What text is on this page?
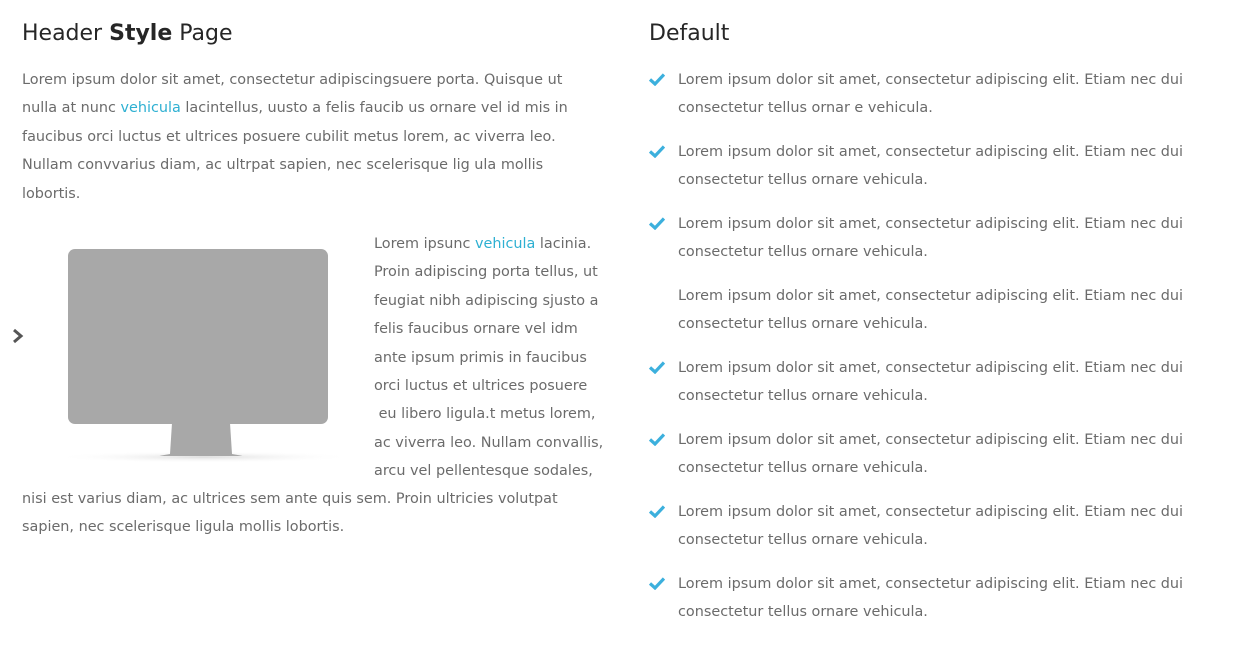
Header Style Page

Lorem ipsum dolor sit amet, consectetur adipiscingsuere porta. Quisque ut
nulla at nunc vehicula lacintellus, uusto a felis faucib us ornare vel id mis in
faucibus orci luctus et ultrices posuere cubilit metus lorem, ac viverra leo.
Nullam convvarius diam, ac ultrpat sapien, nec scelerisque lig ula mollis
lobortis.

Lorem ipsunc vehicula lacinia.
Proin adipiscing porta tellus, ut
feugiat nibh adipiscing sjusto a
felis faucibus ornare vel idm
ante ipsum primis in faucibus
orci luctus et ultrices posuere
eu libero ligula.t metus lorem,
ac viverra leo. Nullam convallis,
arcu vel pellentesque sodales,

nisi est varius diam, ac ultrices sem ante quis sem. Proin ultricies volutpat
sapien, nec scelerisque ligula mollis lobortis.

Default
Lorem ipsum dolor sit amet, consectetur adipiscing elit. Etiam nec dui
consectetur tellus ornar e vehicula.
Lorem ipsum dolor sit amet, consectetur adipiscing elit. Etiam nec dui
consectetur tellus ornare vehicula.
Lorem ipsum dolor sit amet, consectetur adipiscing elit. Etiam nec dui
consectetur tellus ornare vehicula.
Lorem ipsum dolor sit amet, consectetur adipiscing elit. Etiam nec dui
consectetur tellus ornare vehicula.
Lorem ipsum dolor sit amet, consectetur adipiscing elit. Etiam nec dui
consectetur tellus ornare vehicula.
Lorem ipsum dolor sit amet, consectetur adipiscing elit. Etiam nec dui
consectetur tellus ornare vehicula.
Lorem ipsum dolor sit amet, consectetur adipiscing elit. Etiam nec dui
consectetur tellus ornare vehicula.
Lorem ipsum dolor sit amet, consectetur adipiscing elit. Etiam nec dui
consectetur tellus ornare vehicula.
